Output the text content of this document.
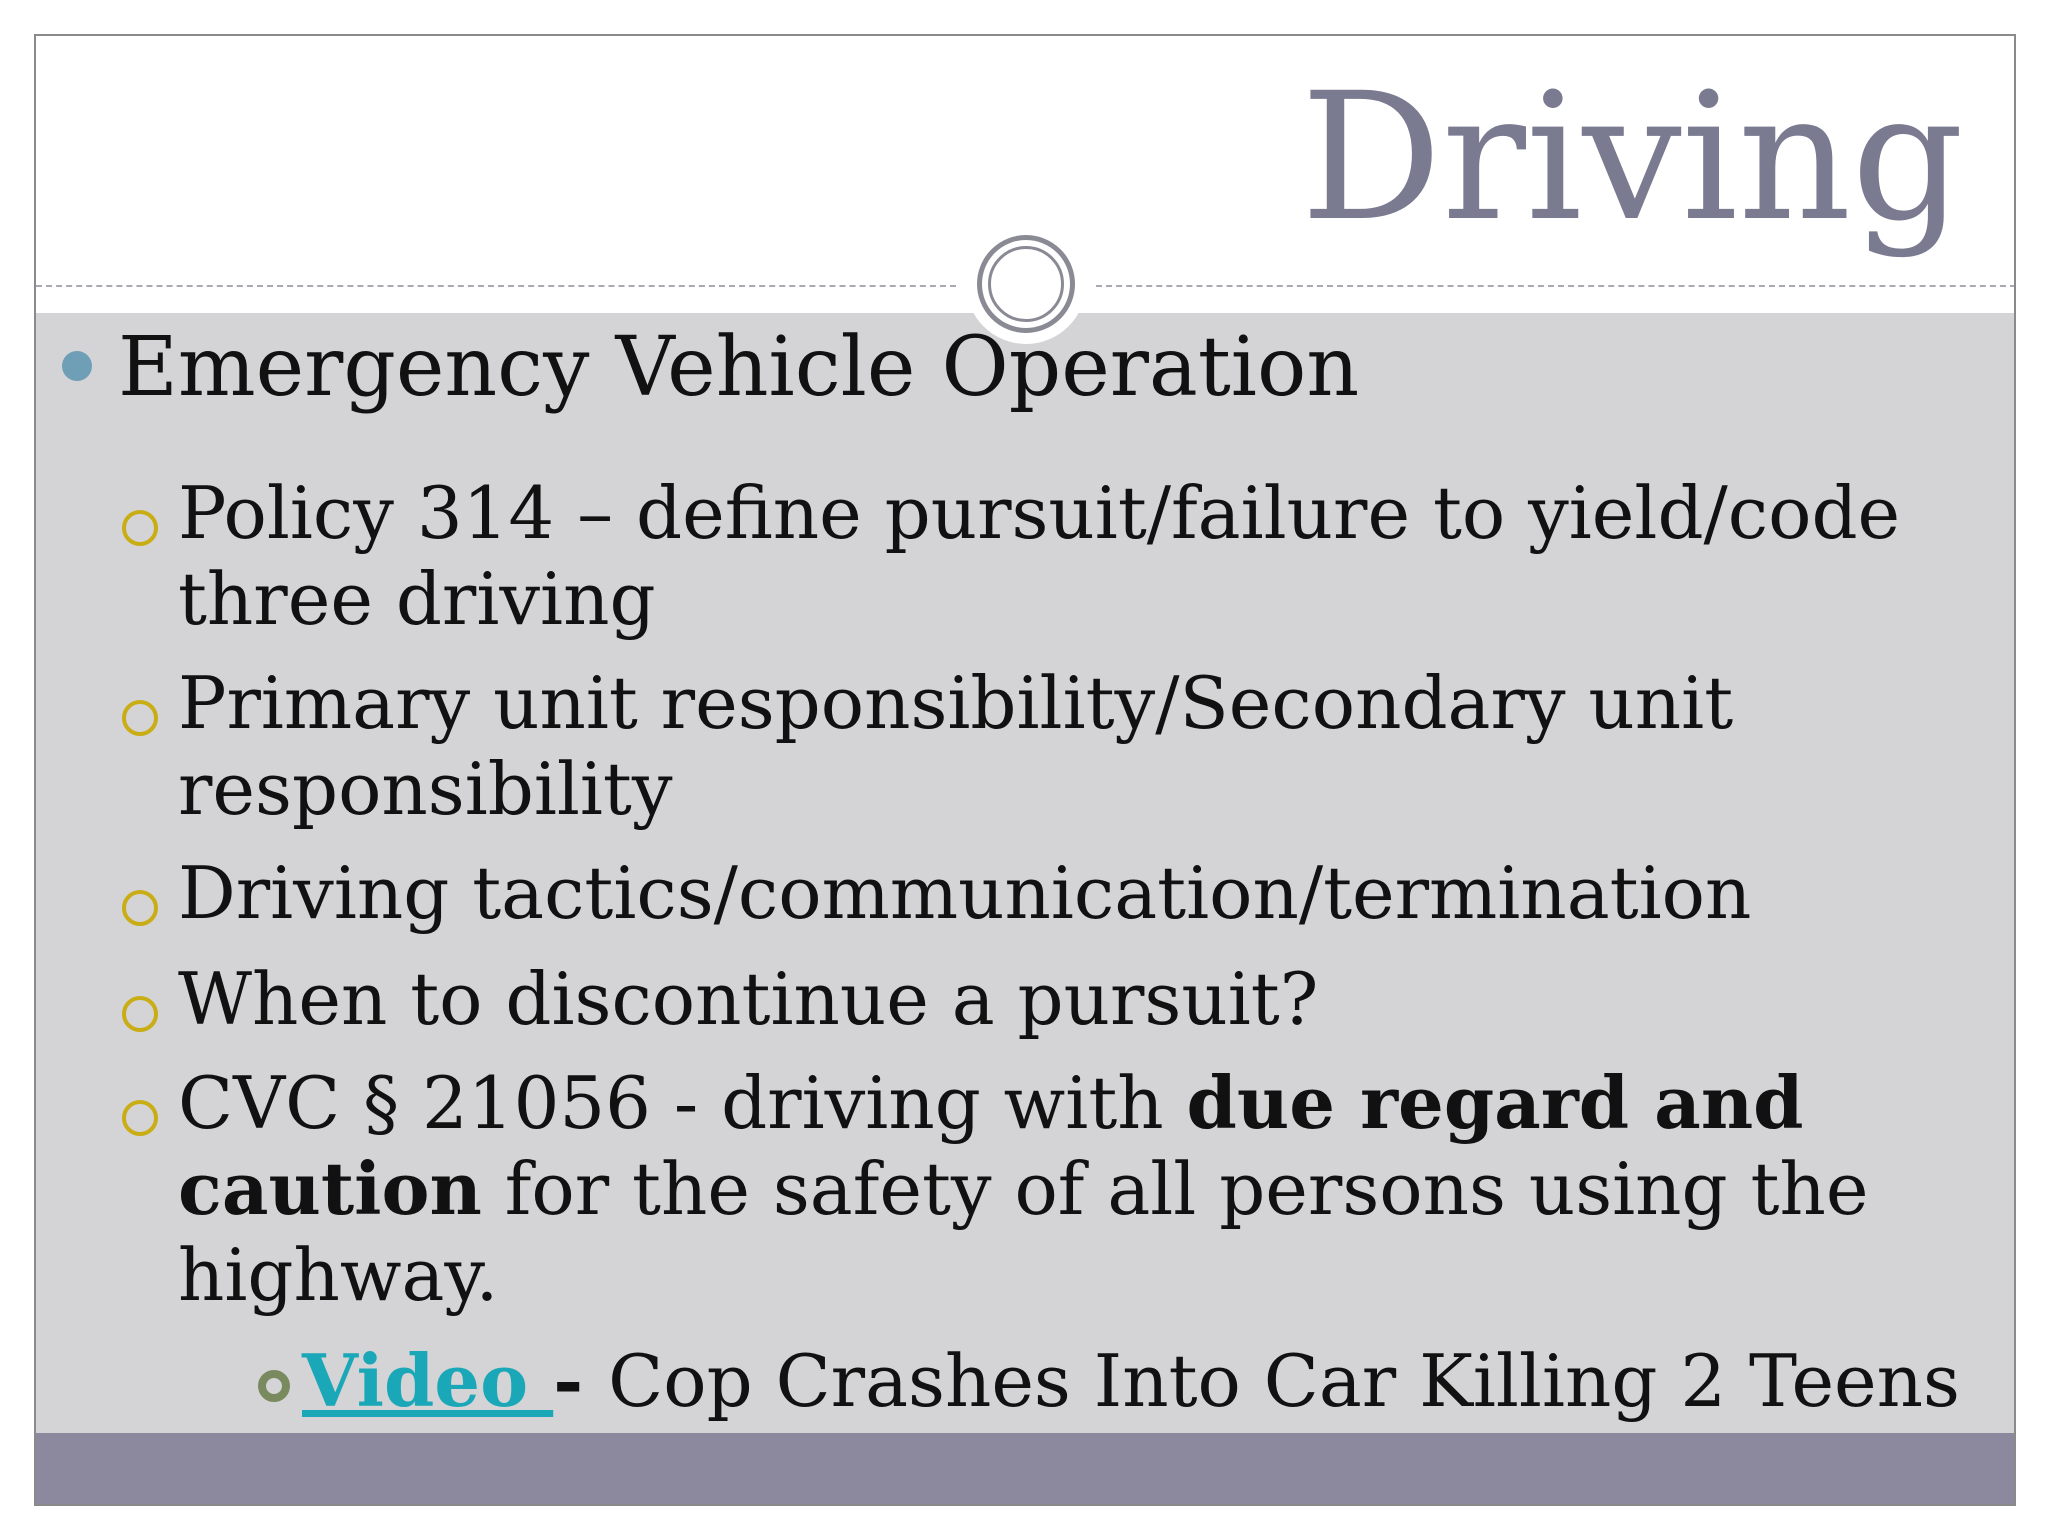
Driving
Emergency Vehicle Operation
Policy 314 – define pursuit/failure to yield/code three driving
Primary unit responsibility/Secondary unit responsibility
Driving tactics/communication/termination
When to discontinue a pursuit?
CVC § 21056 - driving with due regard and caution for the safety of all persons using the highway.
Video - Cop Crashes Into Car Killing 2 Teens
